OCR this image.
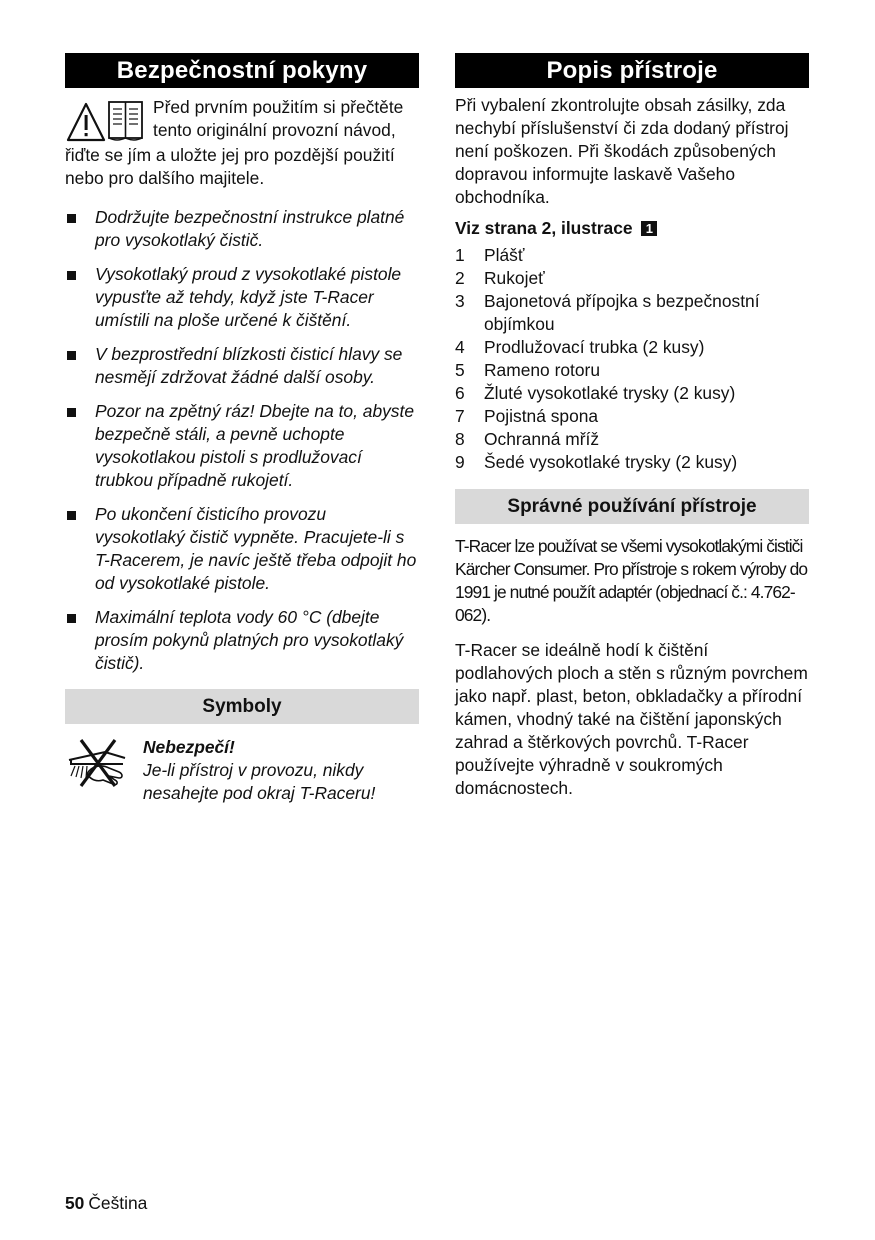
Bezpečnostní pokyny
Před prvním použitím si přečtěte
tento originální provozní návod,
řiďte se jím a uložte jej pro pozdější použití nebo pro dalšího majitele.
Dodržujte bezpečnostní instrukce platné pro vysokotlaký čistič.
Vysokotlaký proud z vysokotlaké pistole vypusťte až tehdy, když jste T-Racer umístili na ploše určené k čištění.
V bezprostřední blízkosti čisticí hlavy se nesmějí zdržovat žádné další osoby.
Pozor na zpětný ráz! Dbejte na to, abyste bezpečně stáli, a pevně uchopte vysokotlakou pistoli s prodlužovací trubkou případně rukojetí.
Po ukončení čisticího provozu vysokotlaký čistič vypněte. Pracujete-li s T-Racerem, je navíc ještě třeba odpojit ho od vysokotlaké pistole.
Maximální teplota vody 60 °C (dbejte prosím pokynů platných pro vysokotlaký čistič).
Symboly
Nebezpečí!
Je-li přístroj v provozu, nikdy nesahejte pod okraj T-Raceru!
Popis přístroje

Při vybalení zkontrolujte obsah zásilky, zda nechybí příslušenství či zda dodaný přístroj není poškozen. Při škodách způsobených dopravou informujte laskavě Vašeho obchodníka.

Viz strana 2, ilustrace 1
1 Plášť
2 Rukojeť
3 Bajonetová přípojka s bezpečnostní objímkou
4 Prodlužovací trubka (2 kusy)
5 Rameno rotoru
6 Žluté vysokotlaké trysky (2 kusy)
7 Pojistná spona
8 Ochranná mříž
9 Šedé vysokotlaké trysky (2 kusy)
Správné používání přístroje

T-Racer lze používat se všemi vysokotlakými čističi Kärcher Consumer. Pro přístroje s rokem výroby do 1991 je nutné použít adaptér (objednací č.: 4.762-062).

T-Racer se ideálně hodí k čištění podlahových ploch a stěn s různým povrchem jako např. plast, beton, obkladačky a přírodní kámen, vhodný také na čištění japonských zahrad a štěrkových povrchů. T-Racer používejte výhradně v soukromých domácnostech.

50 Čeština
